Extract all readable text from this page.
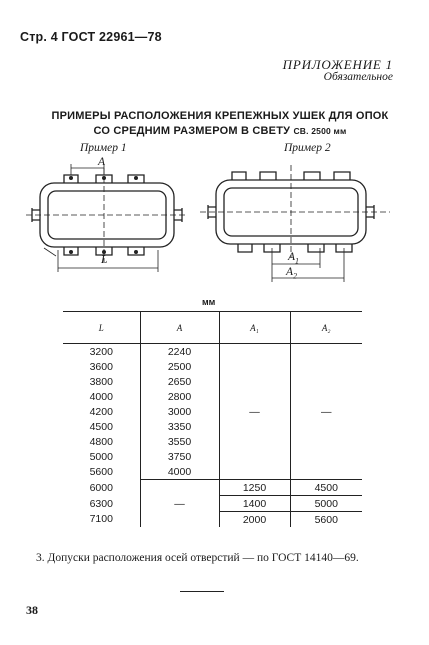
Стр. 4 ГОСТ 22961—78
ПРИЛОЖЕНИЕ 1
Обязательное
ПРИМЕРЫ РАСПОЛОЖЕНИЯ КРЕПЕЖНЫХ УШЕК ДЛЯ ОПОК
СО СРЕДНИМ РАЗМЕРОМ В СВЕТУ СВ. 2500 мм
Пример 1	Пример 2
A
L	$A_1$
$A_2$
мм
L	A	A₁	A₂
3200	2240	—	—
3600	2500		
3800	2650		
4000	2800		
4200	3000		
4500	3350		
4800	3550		
5000	3750		
5600	4000		
6000	—	1250	4500
6300		1400	5000
7100		2000	5600
3. Допуски расположения осей отверстий — по ГОСТ 14140—69.
38
